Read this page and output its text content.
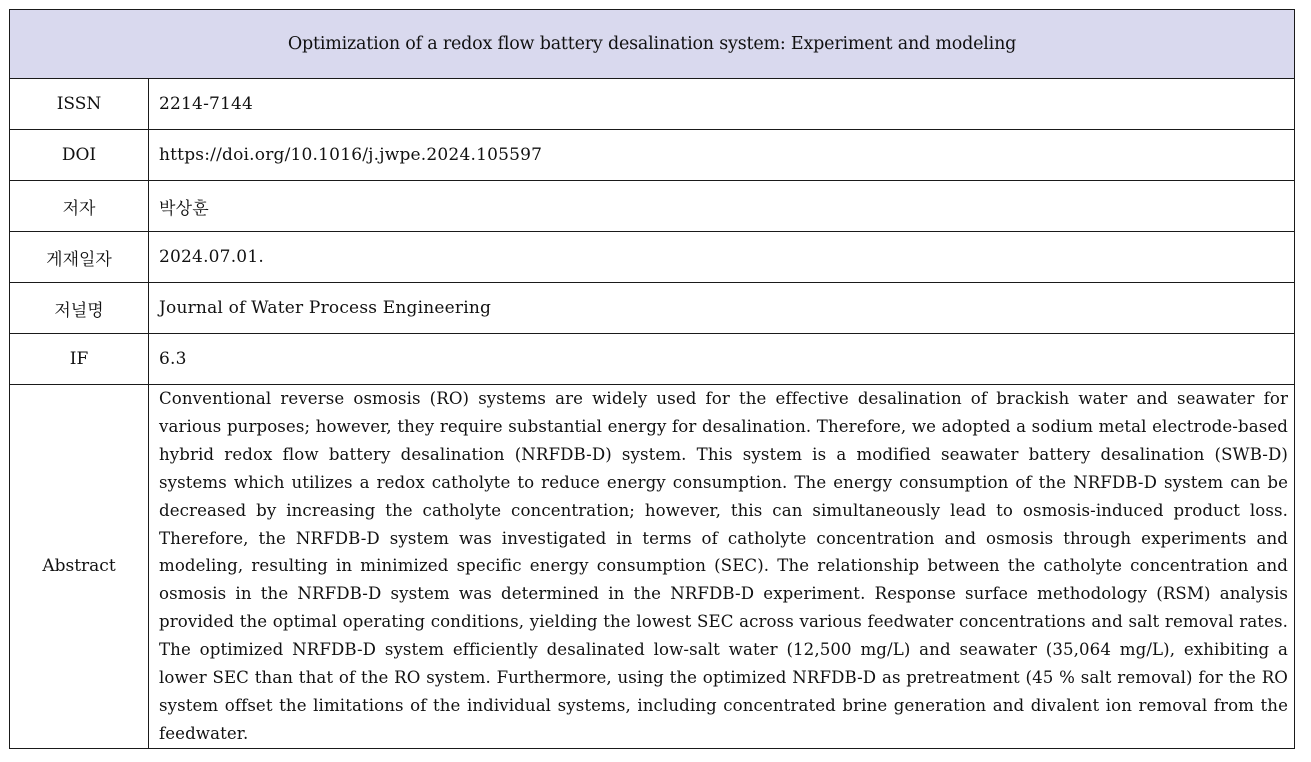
Optimization of a redox flow battery desalination system: Experiment and modeling	
ISSN	2214-7144
DOI	https://doi.org/10.1016/j.jwpe.2024.105597
저자	박상훈
게재일자	2024.07.01.
저널명	Journal of Water Process Engineering
IF	6.3
Abstract	Conventional reverse osmosis (RO) systems are widely used for the effective desalination of brackish water and seawater for various purposes; however, they require substantial energy for desalination. Therefore, we adopted a sodium metal electrode-based hybrid redox flow battery desalination (NRFDB-D) system. This system is a modified seawater battery desalination (SWB-D) systems which utilizes a redox catholyte to reduce energy consumption. The energy consumption of the NRFDB-D system can be decreased by increasing the catholyte concentration; however, this can simultaneously lead to osmosis-induced product loss. Therefore, the NRFDB-D system was investigated in terms of catholyte concentration and osmosis through experiments and modeling, resulting in minimized specific energy consumption (SEC). The relationship between the catholyte concentration and osmosis in the NRFDB-D system was determined in the NRFDB-D experiment. Response surface methodology (RSM) analysis provided the optimal operating conditions, yielding the lowest SEC across various feedwater concentrations and salt removal rates. The optimized NRFDB-D system efficiently desalinated low-salt water (12,500 mg/L) and seawater (35,064 mg/L), exhibiting a lower SEC than that of the RO system. Furthermore, using the optimized NRFDB-D as pretreatment (45 % salt removal) for the RO system offset the limitations of the individual systems, including concentrated brine generation and divalent ion removal from the feedwater.
